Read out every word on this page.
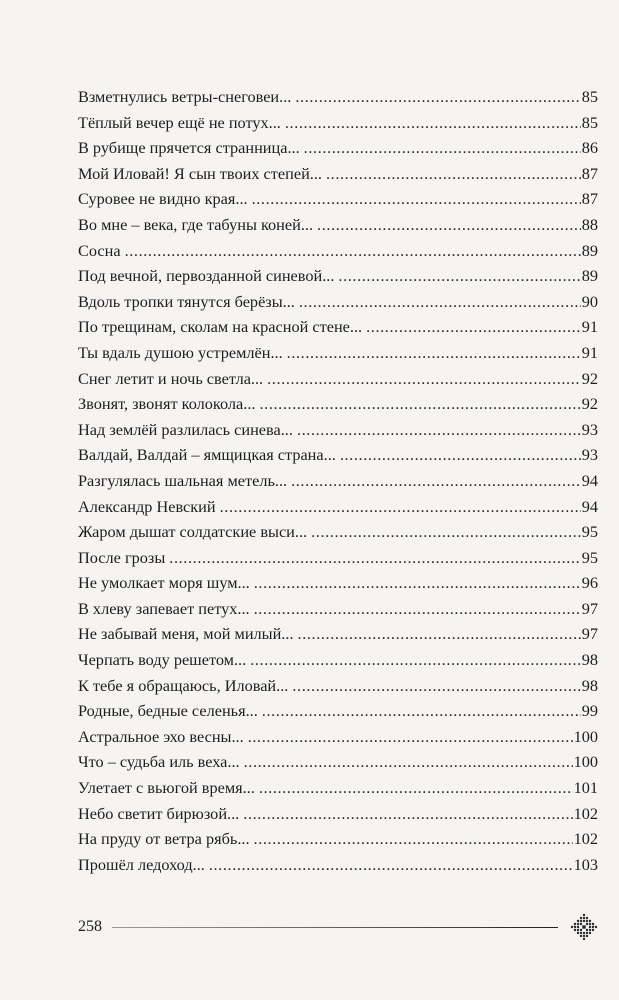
Взметнулись ветры-снеговеи... .....	85
Тёплый вечер ещё не потух... .....	85
В рубище прячется странница... .....	86
Мой Иловай! Я сын твоих степей... .....	87
Суровее не видно края... .....	87
Во мне – века, где табуны коней... .....	88
Сосна .....	89
Под вечной, первозданной синевой... .....	89
Вдоль тропки тянутся берёзы... .....	90
По трещинам, сколам на красной стене... .....	91
Ты вдаль душою устремлён... .....	91
Снег летит и ночь светла... .....	92
Звонят, звонят колокола... .....	92
Над землёй разлилась синева... .....	93
Валдай, Валдай – ямщицкая страна... .....	93
Разгулялась шальная метель... .....	94
Александр Невский .....	94
Жаром дышат солдатские выси... .....	95
После грозы .....	95
Не умолкает моря шум... .....	96
В хлеву запевает петух... .....	97
Не забывай меня, мой милый... .....	97
Черпать воду решетом... .....	98
К тебе я обращаюсь, Иловай... .....	98
Родные, бедные селенья... .....	99
Астральное эхо весны... .....	100
Что – судьба иль веха... .....	100
Улетает с вьюгой время... .....	101
Небо светит бирюзой... .....	102
На пруду от ветра рябь... .....	102
Прошёл ледоход... .....	103
258
